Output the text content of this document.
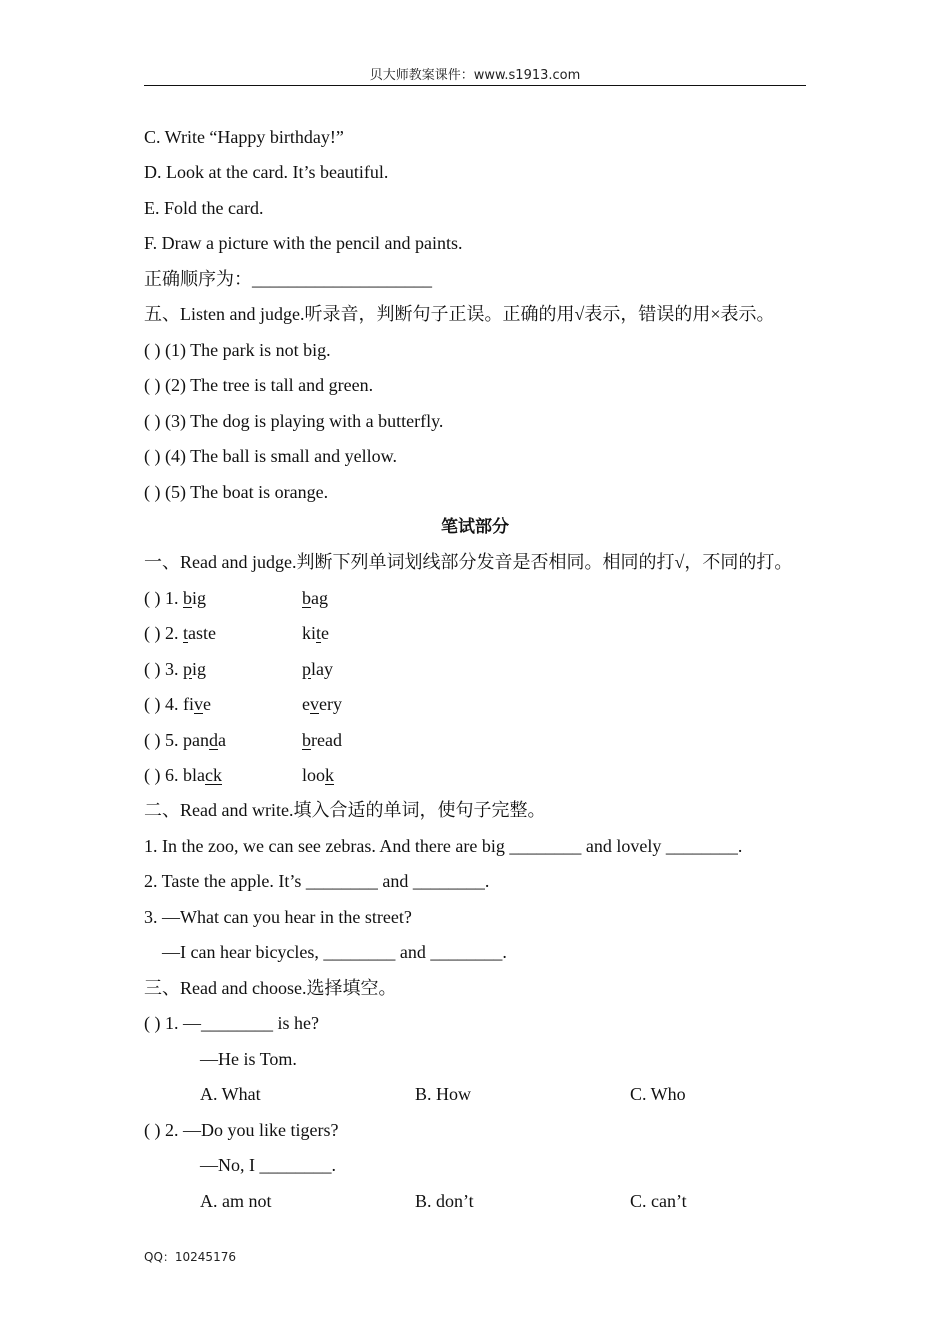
贝大师教案课件：www.s1913.com
C. Write “Happy birthday!”
D. Look at the card. It’s beautiful.
E. Fold the card.
F. Draw a picture with the pencil and paints.
正确顺序为：____________________
五、Listen and judge.听录音，判断句子正误。正确的用√表示，错误的用×表示。
( ) (1) The park is not big.
( ) (2) The tree is tall and green.
( ) (3) The dog is playing with a butterfly.
( ) (4) The ball is small and yellow.
( ) (5) The boat is orange.
笔试部分
一、Read and judge.判断下列单词划线部分发音是否相同。相同的打√，不同的打。
( ) 1. big	bag
( ) 2. taste	kite
( ) 3. pig	play
( ) 4. five	every
( ) 5. panda	bread
( ) 6. black	look
二、Read and write.填入合适的单词，使句子完整。
1. In the zoo, we can see zebras. And there are big ________ and lovely ________.
2. Taste the apple. It’s ________ and ________.
3. —What can you hear in the street?
—I can hear bicycles, ________ and ________.
三、Read and choose.选择填空。
( ) 1. —________ is he?
—He is Tom.
A. What	B. How	C. Who
( ) 2. —Do you like tigers?
—No, I ________.
A. am not	B. don’t	C. can’t
QQ：10245176
